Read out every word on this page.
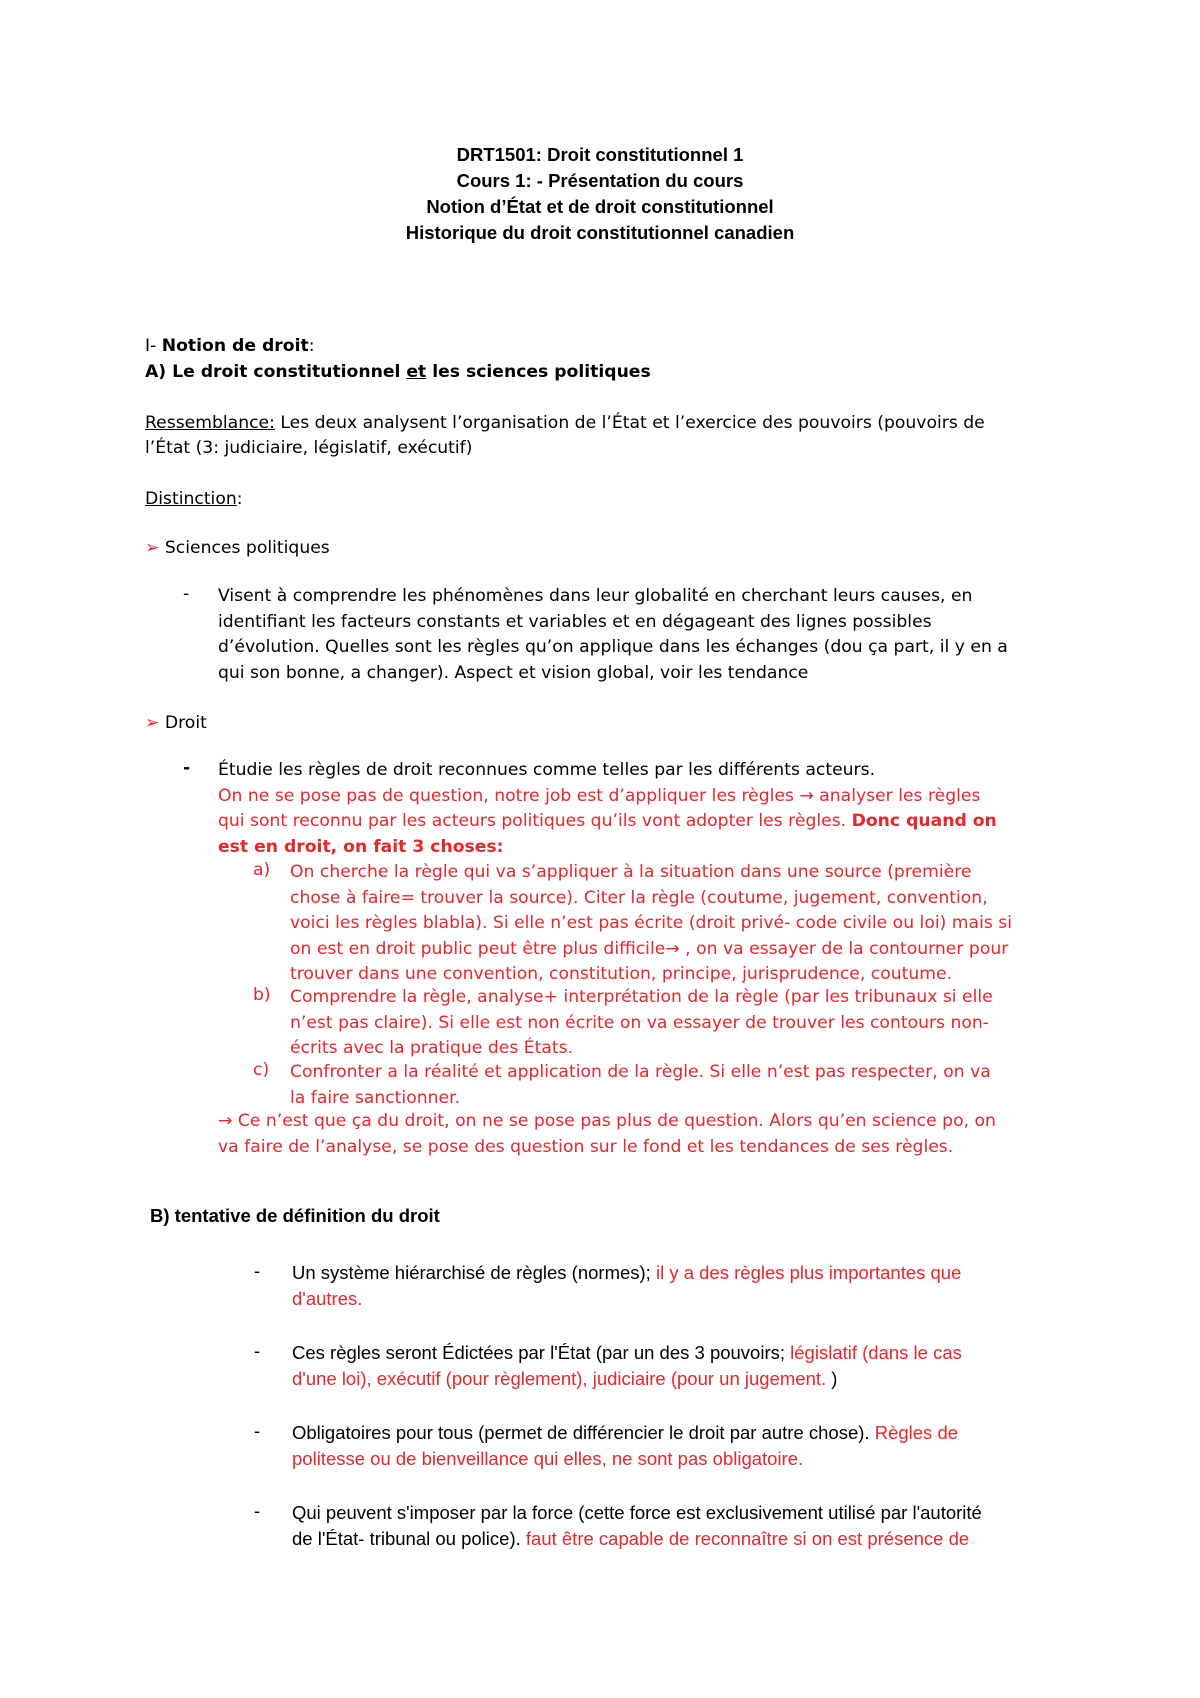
DRT1501: Droit constitutionnel 1
Cours 1: - Présentation du cours
Notion d’État et de droit constitutionnel
Historique du droit constitutionnel canadien
I- Notion de droit:
A) Le droit constitutionnel et les sciences politiques
Ressemblance: Les deux analysent l’organisation de l’État et l’exercice des pouvoirs (pouvoirs de
l’État (3: judiciaire, législatif, exécutif)
Distinction:
➢ Sciences politiques
- Visent à comprendre les phénomènes dans leur globalité en cherchant leurs causes, en
identifiant les facteurs constants et variables et en dégageant des lignes possibles
d’évolution. Quelles sont les règles qu’on applique dans les échanges (dou ça part, il y en a
qui son bonne, a changer). Aspect et vision global, voir les tendance
➢ Droit
- Étudie les règles de droit reconnues comme telles par les différents acteurs.
On ne se pose pas de question, notre job est d’appliquer les règles → analyser les règles
qui sont reconnu par les acteurs politiques qu’ils vont adopter les règles. Donc quand on
est en droit, on fait 3 choses:
a) On cherche la règle qui va s’appliquer à la situation dans une source (première
chose à faire= trouver la source). Citer la règle (coutume, jugement, convention,
voici les règles blabla). Si elle n’est pas écrite (droit privé- code civile ou loi) mais si
on est en droit public peut être plus difficile→ , on va essayer de la contourner pour
trouver dans une convention, constitution, principe, jurisprudence, coutume.
b) Comprendre la règle, analyse+ interprétation de la règle (par les tribunaux si elle
n’est pas claire). Si elle est non écrite on va essayer de trouver les contours non-
écrits avec la pratique des États.
c) Confronter a la réalité et application de la règle. Si elle n’est pas respecter, on va
la faire sanctionner.
→ Ce n’est que ça du droit, on ne se pose pas plus de question. Alors qu’en science po, on
va faire de l’analyse, se pose des question sur le fond et les tendances de ses règles.
B) tentative de définition du droit
- Un système hiérarchisé de règles (normes); il y a des règles plus importantes que
d'autres.
- Ces règles seront Édictées par l'État (par un des 3 pouvoirs; législatif (dans le cas
d'une loi), exécutif (pour règlement), judiciaire (pour un jugement. )
- Obligatoires pour tous (permet de différencier le droit par autre chose). Règles de
politesse ou de bienveillance qui elles, ne sont pas obligatoire.
- Qui peuvent s'imposer par la force (cette force est exclusivement utilisé par l'autorité
de l'État- tribunal ou police). faut être capable de reconnaître si on est présence de
